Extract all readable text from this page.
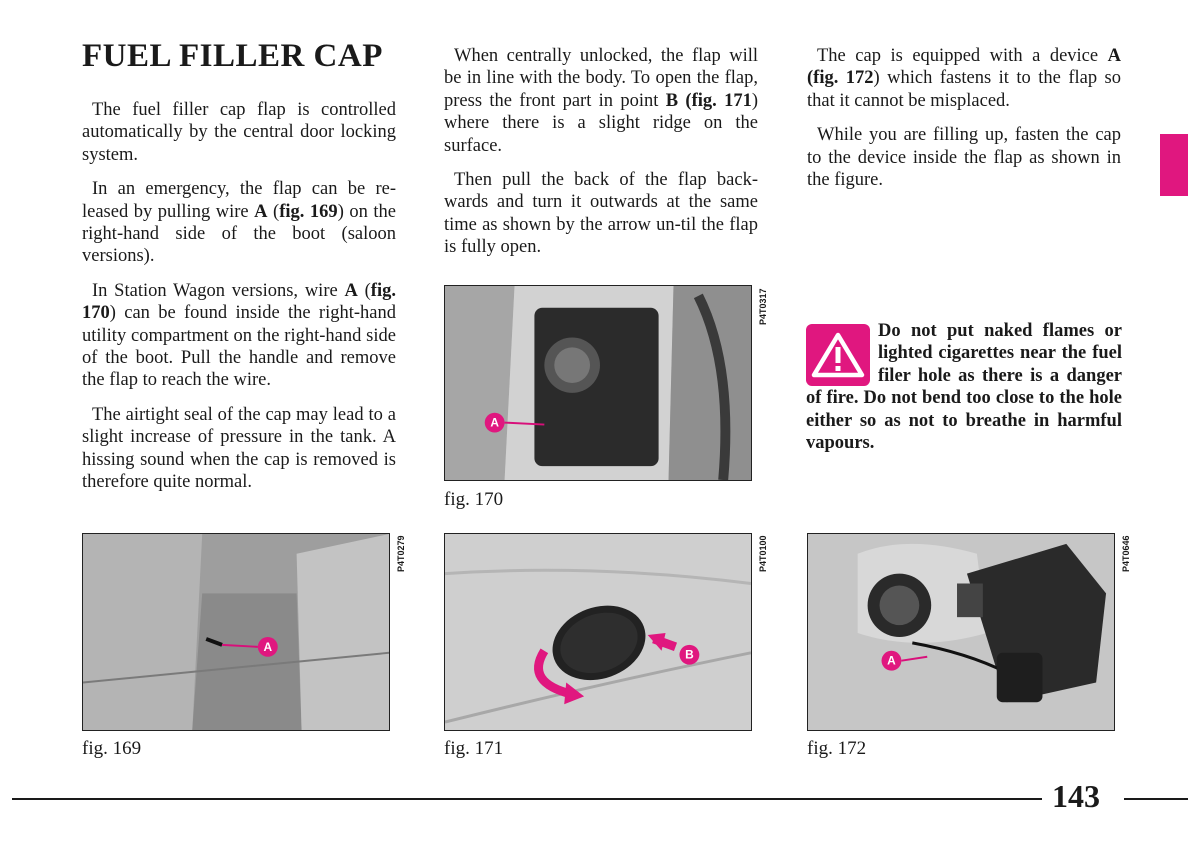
FUEL FILLER CAP

The fuel filler cap flap is controlled automatically by the central door locking system.

In an emergency, the flap can be re-leased by pulling wire A (fig. 169) on the right-hand side of the boot (saloon versions).

In Station Wagon versions, wire A (fig. 170) can be found inside the right-hand utility compartment on the right-hand side of the boot. Pull the handle and remove the flap to reach the wire.

The airtight seal of the cap may lead to a slight increase of pressure in the tank. A hissing sound when the cap is removed is therefore quite normal.

When centrally unlocked, the flap will be in line with the body. To open the flap, press the front part in point B (fig. 171) where there is a slight ridge on the surface.

Then pull the back of the flap back-wards and turn it outwards at the same time as shown by the arrow un-til the flap is fully open.

The cap is equipped with a device A (fig. 172) which fastens it to the flap so that it cannot be misplaced.

While you are filling up, fasten the cap to the device inside the flap as shown in the figure.

Do not put naked flames or lighted cigarettes near the fuel filer hole as there is a danger of fire. Do not bend too close to the hole either so as not to breathe in harmful vapours.
A
P4T0317
fig. 170
A
P4T0279
fig. 169
B
P4T0100
fig. 171
A
P4T0646
fig. 172
143
